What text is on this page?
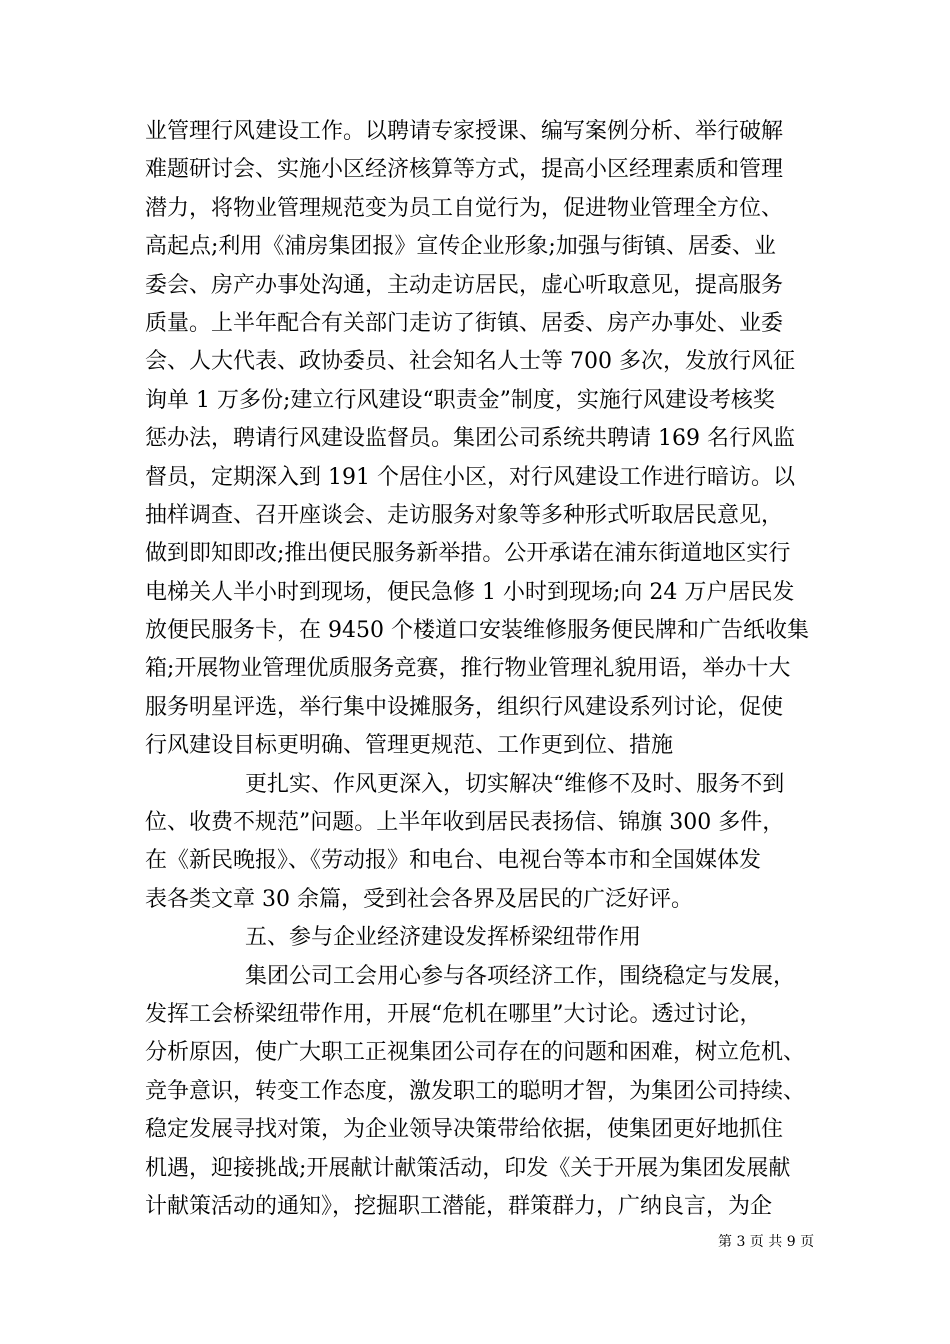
业管理行风建设工作。以聘请专家授课、编写案例分析、举行破解
难题研讨会、实施小区经济核算等方式，提高小区经理素质和管理
潜力，将物业管理规范变为员工自觉行为，促进物业管理全方位、
高起点;利用《浦房集团报》宣传企业形象;加强与街镇、居委、业
委会、房产办事处沟通，主动走访居民，虚心听取意见，提高服务
质量。上半年配合有关部门走访了街镇、居委、房产办事处、业委
会、人大代表、政协委员、社会知名人士等 700 多次，发放行风征
询单 1 万多份;建立行风建设“职责金”制度，实施行风建设考核奖
惩办法，聘请行风建设监督员。集团公司系统共聘请 169 名行风监
督员，定期深入到 191 个居住小区，对行风建设工作进行暗访。以
抽样调查、召开座谈会、走访服务对象等多种形式听取居民意见，
做到即知即改;推出便民服务新举措。公开承诺在浦东街道地区实行
电梯关人半小时到现场，便民急修 1 小时到现场;向 24 万户居民发
放便民服务卡，在 9450 个楼道口安装维修服务便民牌和广告纸收集
箱;开展物业管理优质服务竞赛，推行物业管理礼貌用语，举办十大
服务明星评选，举行集中设摊服务，组织行风建设系列讨论，促使
行风建设目标更明确、管理更规范、工作更到位、措施
更扎实、作风更深入，切实解决“维修不及时、服务不到
位、收费不规范”问题。上半年收到居民表扬信、锦旗 300 多件，
在《新民晚报》、《劳动报》和电台、电视台等本市和全国媒体发
表各类文章 30 余篇，受到社会各界及居民的广泛好评。
五、参与企业经济建设发挥桥梁纽带作用
集团公司工会用心参与各项经济工作，围绕稳定与发展，
发挥工会桥梁纽带作用，开展“危机在哪里”大讨论。透过讨论，
分析原因，使广大职工正视集团公司存在的问题和困难，树立危机、
竞争意识，转变工作态度，激发职工的聪明才智，为集团公司持续、
稳定发展寻找对策，为企业领导决策带给依据，使集团更好地抓住
机遇，迎接挑战;开展献计献策活动，印发《关于开展为集团发展献
计献策活动的通知》，挖掘职工潜能，群策群力，广纳良言，为企
第 3 页 共 9 页
